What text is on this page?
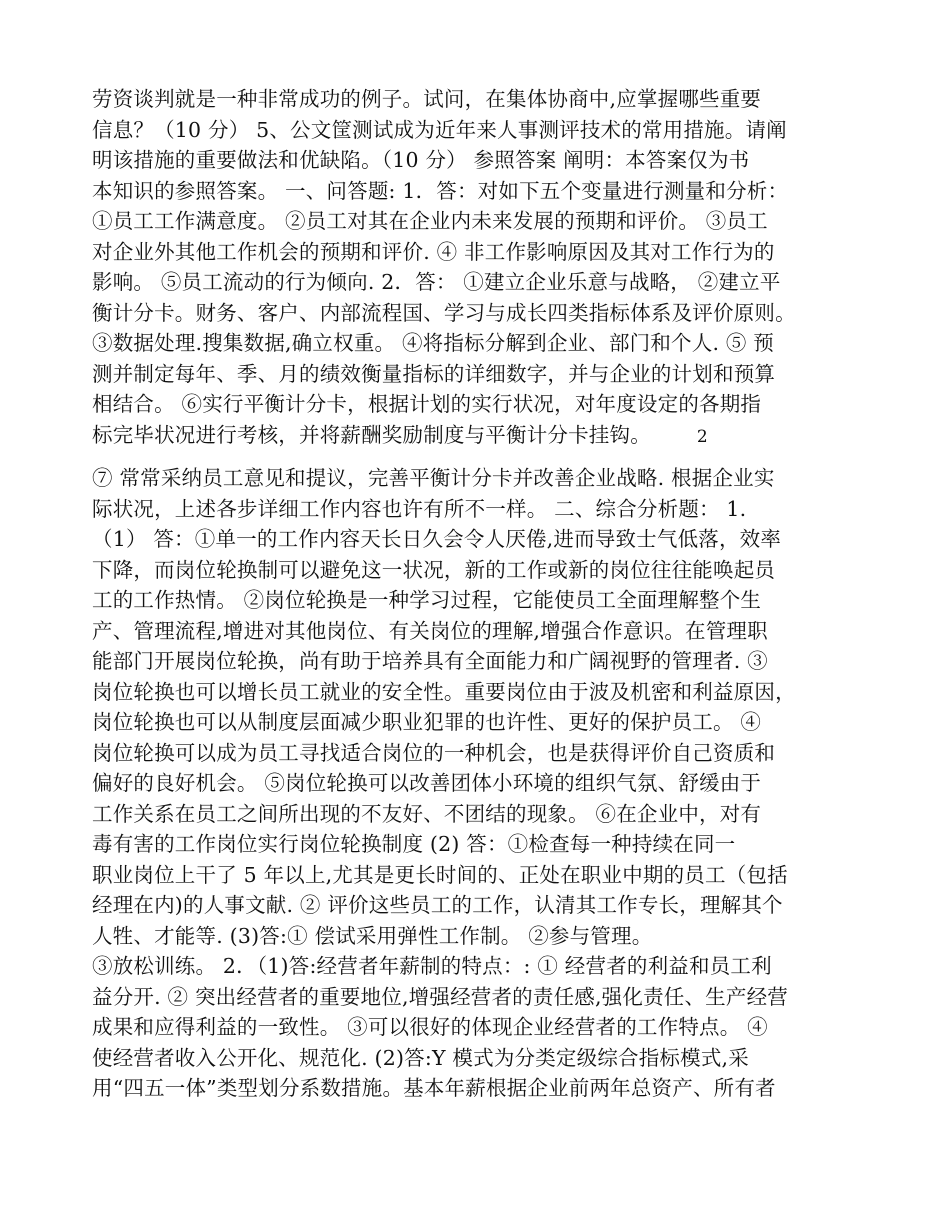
劳资谈判就是一种非常成功的例子。试问，在集体协商中,应掌握哪些重要
信息？（10 分） 5、公文筐测试成为近年来人事测评技术的常用措施。请阐
明该措施的重要做法和优缺陷。（10 分） 参照答案 阐明：本答案仅为书
本知识的参照答案。 一、问答题: 1．答：对如下五个变量进行测量和分析：
①员工工作满意度。 ②员工对其在企业内未来发展的预期和评价。 ③员工
对企业外其他工作机会的预期和评价. ④ 非工作影响原因及其对工作行为的
影响。 ⑤员工流动的行为倾向. 2．答： ①建立企业乐意与战略， ②建立平
衡计分卡。财务、客户、内部流程国、学习与成长四类指标体系及评价原则。
③数据处理.搜集数据,确立权重。 ④将指标分解到企业、部门和个人. ⑤ 预
测并制定每年、季、月的绩效衡量指标的详细数字，并与企业的计划和预算
相结合。 ⑥实行平衡计分卡，根据计划的实行状况，对年度设定的各期指
标完毕状况进行考核，并将薪酬奖励制度与平衡计分卡挂钩。	2
⑦ 常常采纳员工意见和提议，完善平衡计分卡并改善企业战略. 根据企业实
际状况，上述各步详细工作内容也许有所不一样。 二、综合分析题： 1.
（1） 答：①单一的工作内容天长日久会令人厌倦,进而导致士气低落，效率
下降，而岗位轮换制可以避免这一状况，新的工作或新的岗位往往能唤起员
工的工作热情。 ②岗位轮换是一种学习过程，它能使员工全面理解整个生
产、管理流程,增进对其他岗位、有关岗位的理解,增强合作意识。在管理职
能部门开展岗位轮换，尚有助于培养具有全面能力和广阔视野的管理者. ③
岗位轮换也可以增长员工就业的安全性。重要岗位由于波及机密和利益原因，
岗位轮换也可以从制度层面减少职业犯罪的也许性、更好的保护员工。 ④
岗位轮换可以成为员工寻找适合岗位的一种机会，也是获得评价自己资质和
偏好的良好机会。 ⑤岗位轮换可以改善团体小环境的组织气氛、舒缓由于
工作关系在员工之间所出现的不友好、不团结的现象。 ⑥在企业中，对有
毒有害的工作岗位实行岗位轮换制度 (2) 答：①检查每一种持续在同一
职业岗位上干了 5 年以上,尤其是更长时间的、正处在职业中期的员工（包括
经理在内)的人事文献. ② 评价这些员工的工作，认清其工作专长，理解其个
人牲、才能等. (3)答:① 偿试采用弹性工作制。 ②参与管理。
③放松训练。 2．（1)答:经营者年薪制的特点：: ① 经营者的利益和员工利
益分开. ② 突出经营者的重要地位,增强经营者的责任感,强化责任、生产经营
成果和应得利益的一致性。 ③可以很好的体现企业经营者的工作特点。 ④
使经营者收入公开化、规范化. (2)答:Y 模式为分类定级综合指标模式,采
用“四五一体”类型划分系数措施。基本年薪根据企业前两年总资产、所有者
